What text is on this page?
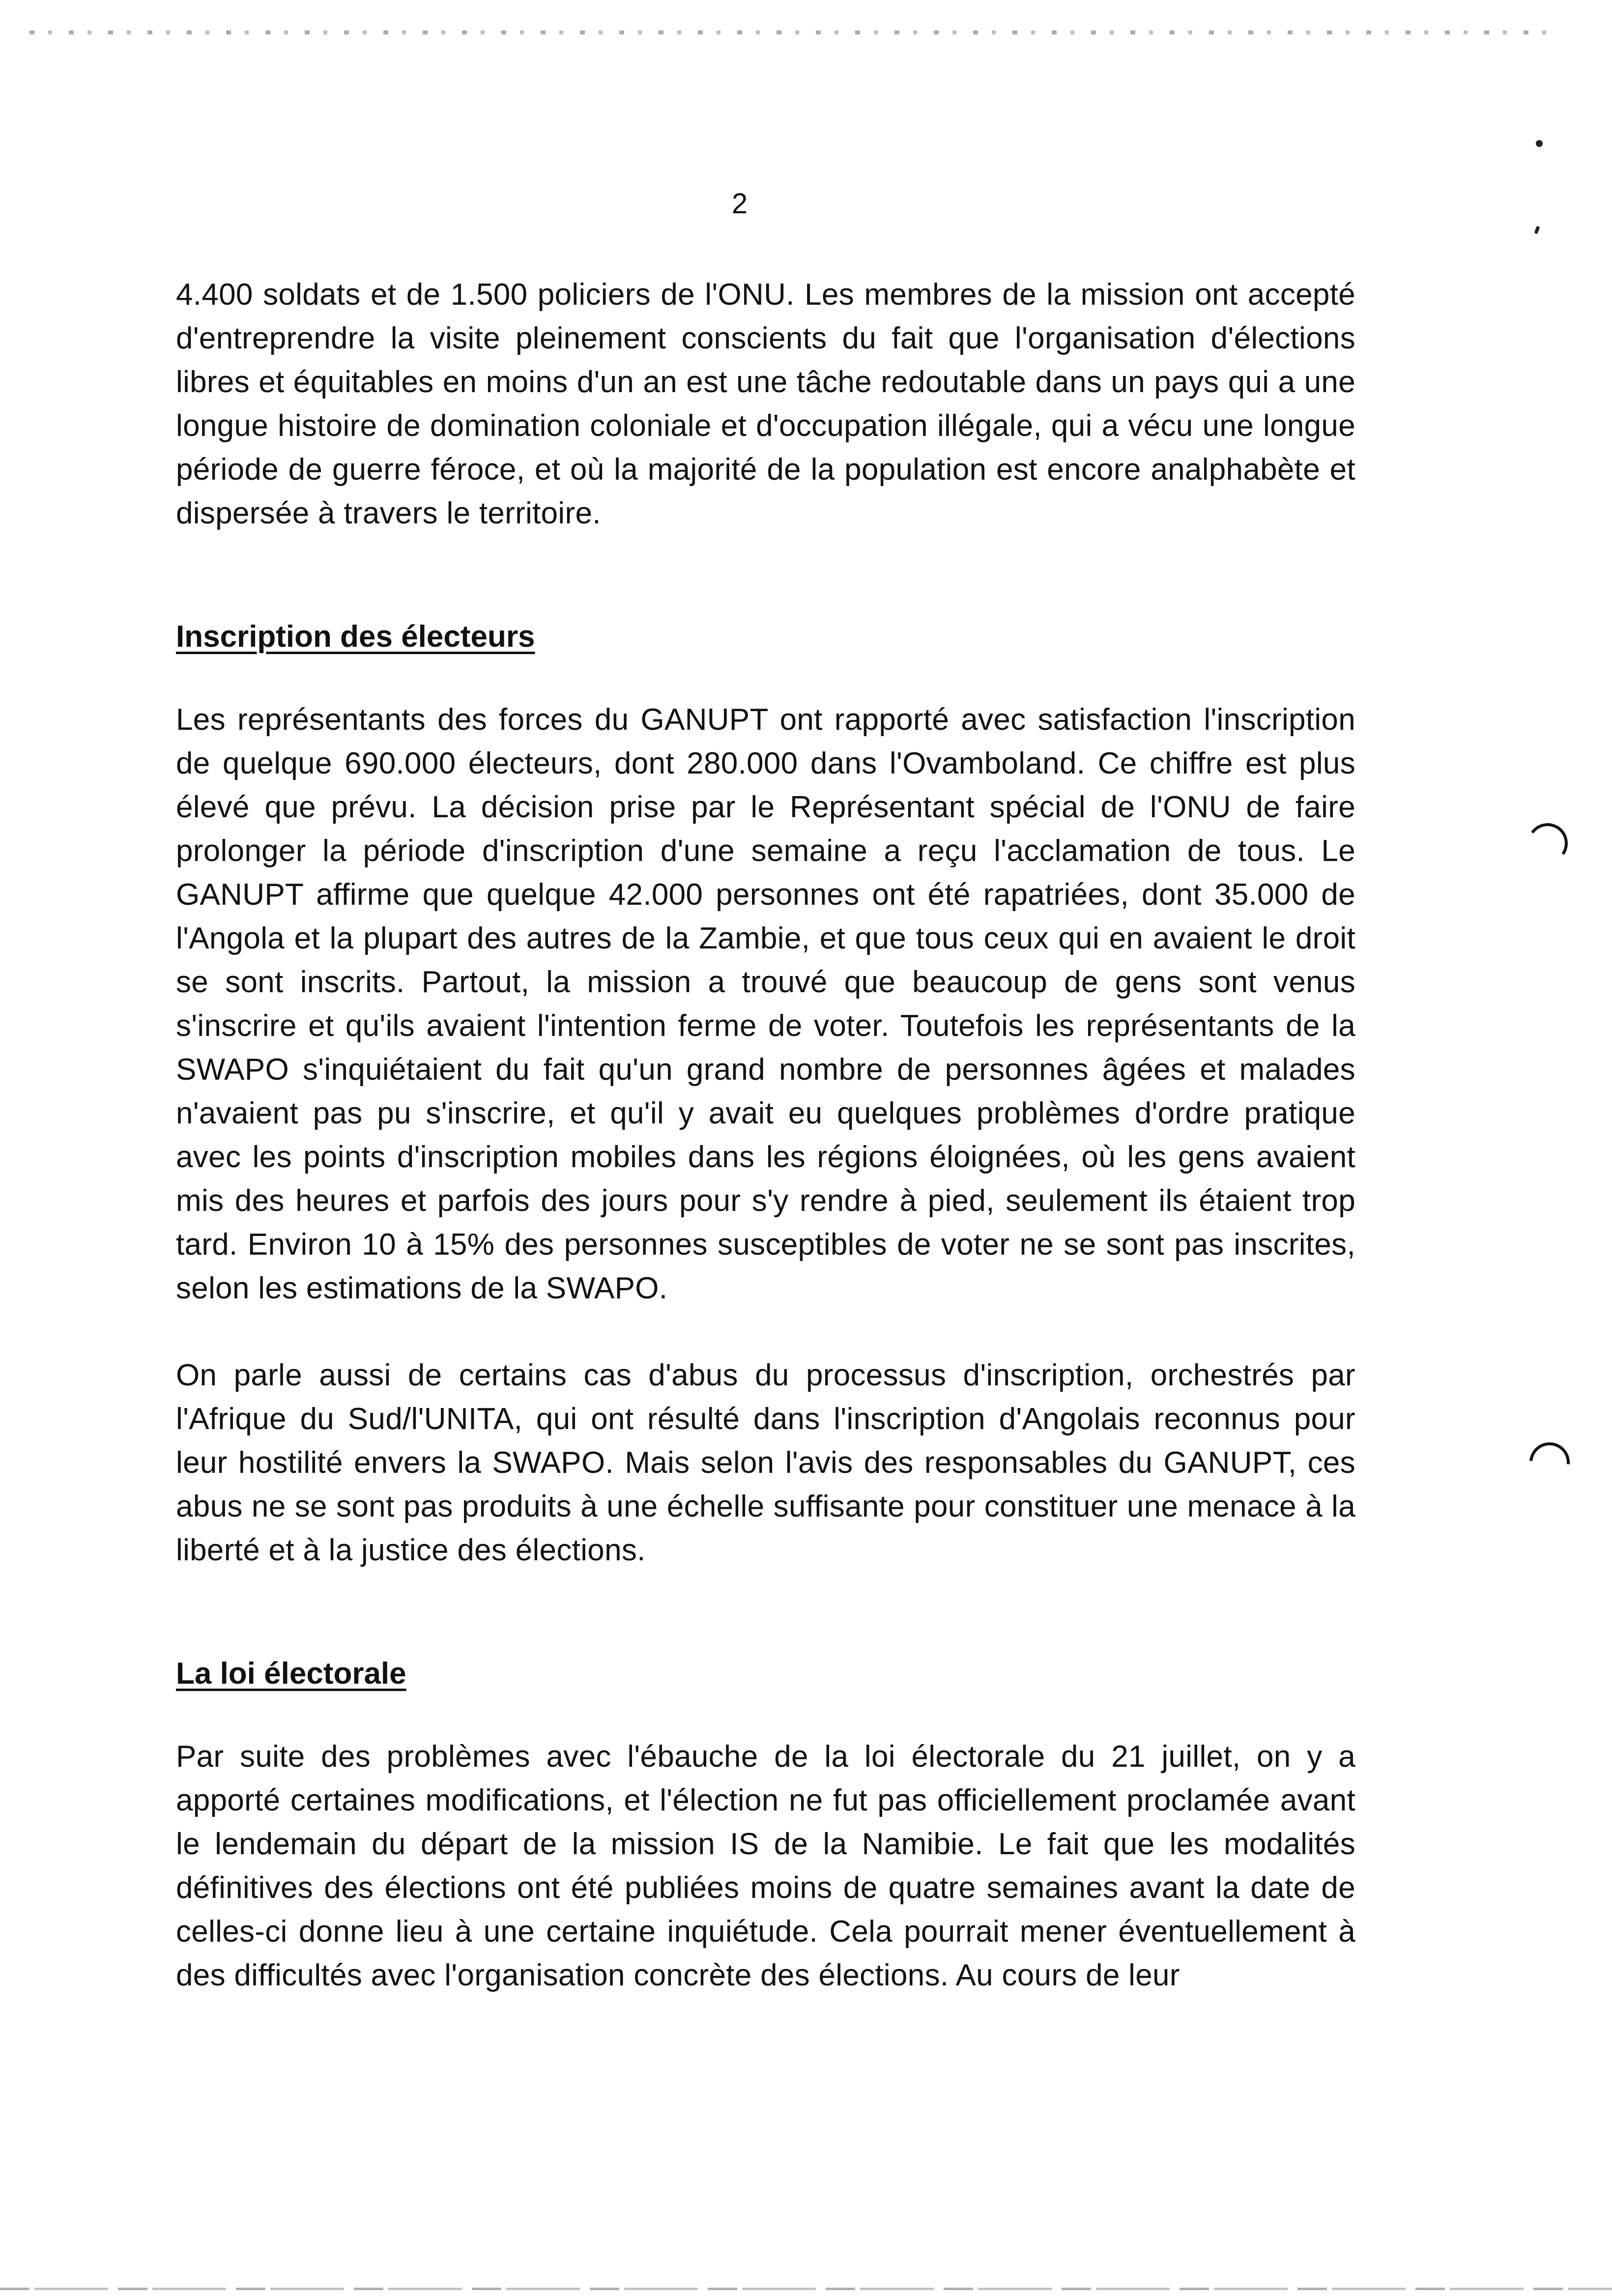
2

4.400 soldats et de 1.500 policiers de l'ONU. Les membres de la mission ont accepté d'entreprendre la visite pleinement conscients du fait que l'organisation d'élections libres et équitables en moins d'un an est une tâche redoutable dans un pays qui a une longue histoire de domination coloniale et d'occupation illégale, qui a vécu une longue période de guerre féroce, et où la majorité de la population est encore analphabète et dispersée à travers le territoire.

Inscription des électeurs

Les représentants des forces du GANUPT ont rapporté avec satisfaction l'inscription de quelque 690.000 électeurs, dont 280.000 dans l'Ovamboland. Ce chiffre est plus élevé que prévu. La décision prise par le Représentant spécial de l'ONU de faire prolonger la période d'inscription d'une semaine a reçu l'acclamation de tous. Le GANUPT affirme que quelque 42.000 personnes ont été rapatriées, dont 35.000 de l'Angola et la plupart des autres de la Zambie, et que tous ceux qui en avaient le droit se sont inscrits. Partout, la mission a trouvé que beaucoup de gens sont venus s'inscrire et qu'ils avaient l'intention ferme de voter. Toutefois les représentants de la SWAPO s'inquiétaient du fait qu'un grand nombre de personnes âgées et malades n'avaient pas pu s'inscrire, et qu'il y avait eu quelques problèmes d'ordre pratique avec les points d'inscription mobiles dans les régions éloignées, où les gens avaient mis des heures et parfois des jours pour s'y rendre à pied, seulement ils étaient trop tard. Environ 10 à 15% des personnes susceptibles de voter ne se sont pas inscrites, selon les estimations de la SWAPO.

On parle aussi de certains cas d'abus du processus d'inscription, orchestrés par l'Afrique du Sud/l'UNITA, qui ont résulté dans l'inscription d'Angolais reconnus pour leur hostilité envers la SWAPO. Mais selon l'avis des responsables du GANUPT, ces abus ne se sont pas produits à une échelle suffisante pour constituer une menace à la liberté et à la justice des élections.

La loi électorale

Par suite des problèmes avec l'ébauche de la loi électorale du 21 juillet, on y a apporté certaines modifications, et l'élection ne fut pas officiellement proclamée avant le lendemain du départ de la mission IS de la Namibie. Le fait que les modalités définitives des élections ont été publiées moins de quatre semaines avant la date de celles-ci donne lieu à une certaine inquiétude. Cela pourrait mener éventuellement à des difficultés avec l'organisation concrète des élections. Au cours de leur
